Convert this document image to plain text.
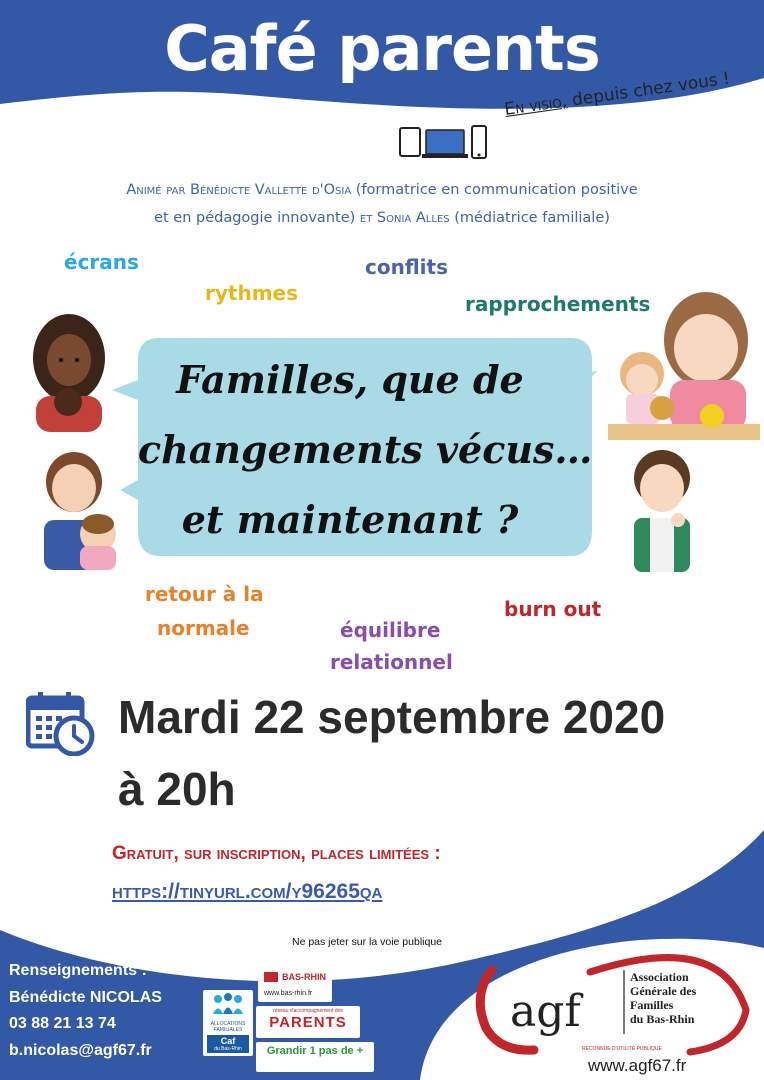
Café parents
En visio, depuis chez vous !
Animé par Bénédicte Vallette d'Osia (formatrice en communication positive
et en pédagogie innovante) et Sonia Alles (médiatrice familiale)
écrans
rythmes
conflits
rapprochements
retour à la
normale	équilibre
relationnel
burn out
Familles, que de
changements vécus…
et maintenant ?
Mardi 22 septembre 2020
à 20h
Gratuit, sur inscription, places limitées :
https://tinyurl.com/y96265qa
Ne pas jeter sur la voie publique
Renseignements :
Bénédicte NICOLAS
03 88 21 13 74
b.nicolas@agf67.fr
ALLOCATIONS
FAMILIALES
Caf
du Bas-Rhin
BAS-RHIN
www.bas-rhin.fr
réseau d'accompagnement des
PARENTS
Grandir 1 pas de +
agf
Association
Générale des
Familles
du Bas-Rhin
RECONNUE D'UTILITÉ PUBLIQUE
www.agf67.fr
